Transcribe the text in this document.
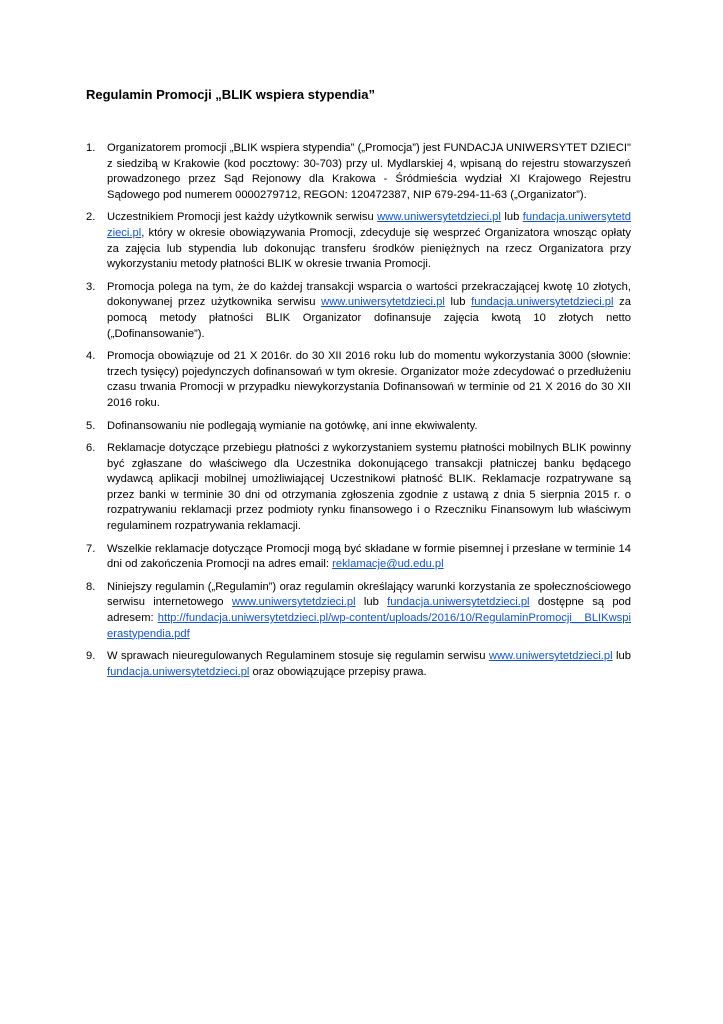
Regulamin Promocji „BLIK wspiera stypendia”
1. Organizatorem promocji „BLIK wspiera stypendia” („Promocja”) jest FUNDACJA UNIWERSYTET DZIECI" z siedzibą w Krakowie (kod pocztowy: 30-703) przy ul. Mydlarskiej 4, wpisaną do rejestru stowarzyszeń prowadzonego przez Sąd Rejonowy dla Krakowa - Śródmieścia wydział XI Krajowego Rejestru Sądowego pod numerem 0000279712, REGON: 120472387, NIP 679-294-11-63 („Organizator”).
2. Uczestnikiem Promocji jest każdy użytkownik serwisu www.uniwersytetdzieci.pl lub fundacja.uniwersytetdzieci.pl, który w okresie obowiązywania Promocji, zdecyduje się wesprzeć Organizatora wnosząc opłaty za zajęcia lub stypendia lub dokonując transferu środków pieniężnych na rzecz Organizatora przy wykorzystaniu metody płatności BLIK w okresie trwania Promocji.
3. Promocja polega na tym, że do każdej transakcji wsparcia o wartości przekraczającej kwotę 10 złotych, dokonywanej przez użytkownika serwisu www.uniwersytetdzieci.pl lub fundacja.uniwersytetdzieci.pl za pomocą metody płatności BLIK Organizator dofinansuje zajęcia kwotą 10 złotych netto („Dofinansowanie”).
4. Promocja obowiązuje od 21 X 2016r. do 30 XII 2016 roku lub do momentu wykorzystania 3000 (słownie: trzech tysięcy) pojedynczych dofinansowań w tym okresie. Organizator może zdecydować o przedłużeniu czasu trwania Promocji w przypadku niewykorzystania Dofinansowań w terminie od 21 X 2016 do 30 XII 2016 roku.
5. Dofinansowaniu nie podlegają wymianie na gotówkę, ani inne ekwiwalenty.
6. Reklamacje dotyczące przebiegu płatności z wykorzystaniem systemu płatności mobilnych BLIK powinny być zgłaszane do właściwego dla Uczestnika dokonującego transakcji płatniczej banku będącego wydawcą aplikacji mobilnej umożliwiającej Uczestnikowi płatność BLIK. Reklamacje rozpatrywane są przez banki w terminie 30 dni od otrzymania zgłoszenia zgodnie z ustawą z dnia 5 sierpnia 2015 r. o rozpatrywaniu reklamacji przez podmioty rynku finansowego i o Rzeczniku Finansowym lub właściwym regulaminem rozpatrywania reklamacji.
7. Wszelkie reklamacje dotyczące Promocji mogą być składane w formie pisemnej i przesłane w terminie 14 dni od zakończenia Promocji na adres email: reklamacje@ud.edu.pl
8. Niniejszy regulamin („Regulamin”) oraz regulamin określający warunki korzystania ze społecznościowego serwisu internetowego www.uniwersytetdzieci.pl lub fundacja.uniwersytetdzieci.pl dostępne są pod adresem: http://fundacja.uniwersytetdzieci.pl/wp-content/uploads/2016/10/RegulaminPromocji__BLIKwspierastypendia.pdf
9. W sprawach nieuregulowanych Regulaminem stosuje się regulamin serwisu www.uniwersytetdzieci.pl lub fundacja.uniwersytetdzieci.pl oraz obowiązujące przepisy prawa.
